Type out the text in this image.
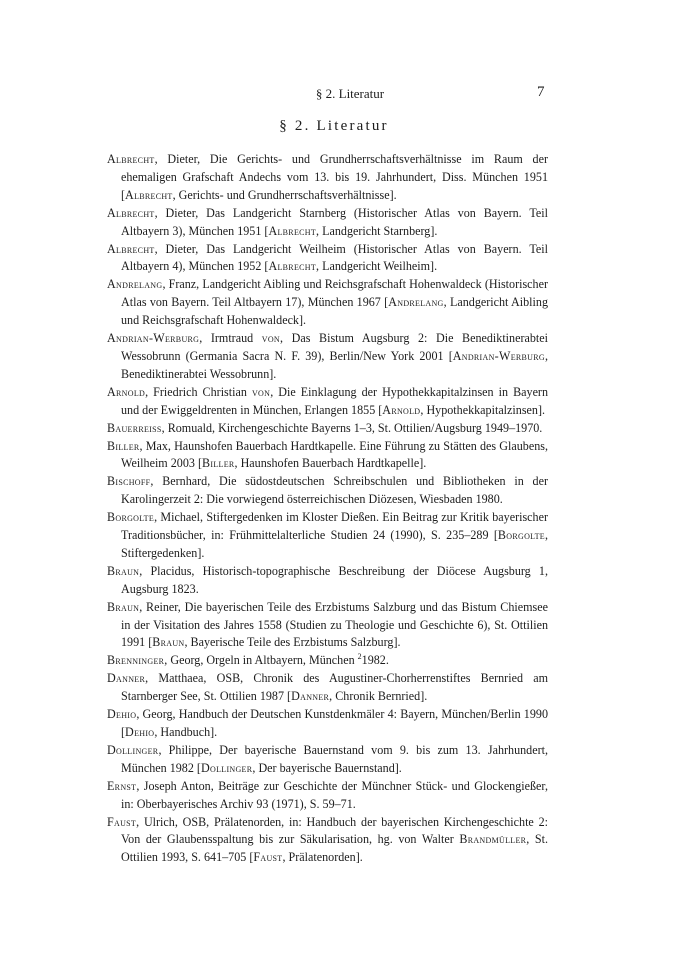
§ 2. Literatur	7
§ 2. Literatur

Albrecht, Dieter, Die Gerichts- und Grundherrschaftsverhältnisse im Raum der ehemaligen Grafschaft Andechs vom 13. bis 19. Jahrhundert, Diss. München 1951 [Albrecht, Gerichts- und Grundherrschaftsverhältnisse].

Albrecht, Dieter, Das Landgericht Starnberg (Historischer Atlas von Bayern. Teil Altbayern 3), München 1951 [Albrecht, Landgericht Starnberg].

Albrecht, Dieter, Das Landgericht Weilheim (Historischer Atlas von Bayern. Teil Altbayern 4), München 1952 [Albrecht, Landgericht Weilheim].

Andrelang, Franz, Landgericht Aibling und Reichsgrafschaft Hohenwaldeck (Historischer Atlas von Bayern. Teil Altbayern 17), München 1967 [Andrelang, Landgericht Aibling und Reichsgrafschaft Hohenwaldeck].

Andrian-Werburg, Irmtraud von, Das Bistum Augsburg 2: Die Benediktinerabtei Wessobrunn (Germania Sacra N. F. 39), Berlin/New York 2001 [Andrian-Werburg, Benediktinerabtei Wessobrunn].

Arnold, Friedrich Christian von, Die Einklagung der Hypothekkapitalzinsen in Bayern und der Ewiggeldrenten in München, Erlangen 1855 [Arnold, Hypothekkapitalzinsen].

Bauerreiss, Romuald, Kirchengeschichte Bayerns 1–3, St. Ottilien/Augsburg 1949–1970.

Biller, Max, Haunshofen Bauerbach Hardtkapelle. Eine Führung zu Stätten des Glaubens, Weilheim 2003 [Biller, Haunshofen Bauerbach Hardtkapelle].

Bischoff, Bernhard, Die südostdeutschen Schreibschulen und Bibliotheken in der Karolingerzeit 2: Die vorwiegend österreichischen Diözesen, Wiesbaden 1980.

Borgolte, Michael, Stiftergedenken im Kloster Dießen. Ein Beitrag zur Kritik bayerischer Traditionsbücher, in: Frühmittelalterliche Studien 24 (1990), S. 235–289 [Borgolte, Stiftergedenken].

Braun, Placidus, Historisch-topographische Beschreibung der Diöcese Augsburg 1, Augsburg 1823.

Braun, Reiner, Die bayerischen Teile des Erzbistums Salzburg und das Bistum Chiemsee in der Visitation des Jahres 1558 (Studien zu Theologie und Geschichte 6), St. Ottilien 1991 [Braun, Bayerische Teile des Erzbistums Salzburg].

Brenninger, Georg, Orgeln in Altbayern, München $^2$1982.

Danner, Matthaea, OSB, Chronik des Augustiner-Chorherrenstiftes Bernried am Starnberger See, St. Ottilien 1987 [Danner, Chronik Bernried].

Dehio, Georg, Handbuch der Deutschen Kunstdenkmäler 4: Bayern, München/Berlin 1990 [Dehio, Handbuch].

Dollinger, Philippe, Der bayerische Bauernstand vom 9. bis zum 13. Jahrhundert, München 1982 [Dollinger, Der bayerische Bauernstand].

Ernst, Joseph Anton, Beiträge zur Geschichte der Münchner Stück- und Glockengießer, in: Oberbayerisches Archiv 93 (1971), S. 59–71.

Faust, Ulrich, OSB, Prälatenorden, in: Handbuch der bayerischen Kirchengeschichte 2: Von der Glaubensspaltung bis zur Säkularisation, hg. von Walter Brandmüller, St. Ottilien 1993, S. 641–705 [Faust, Prälatenorden].
